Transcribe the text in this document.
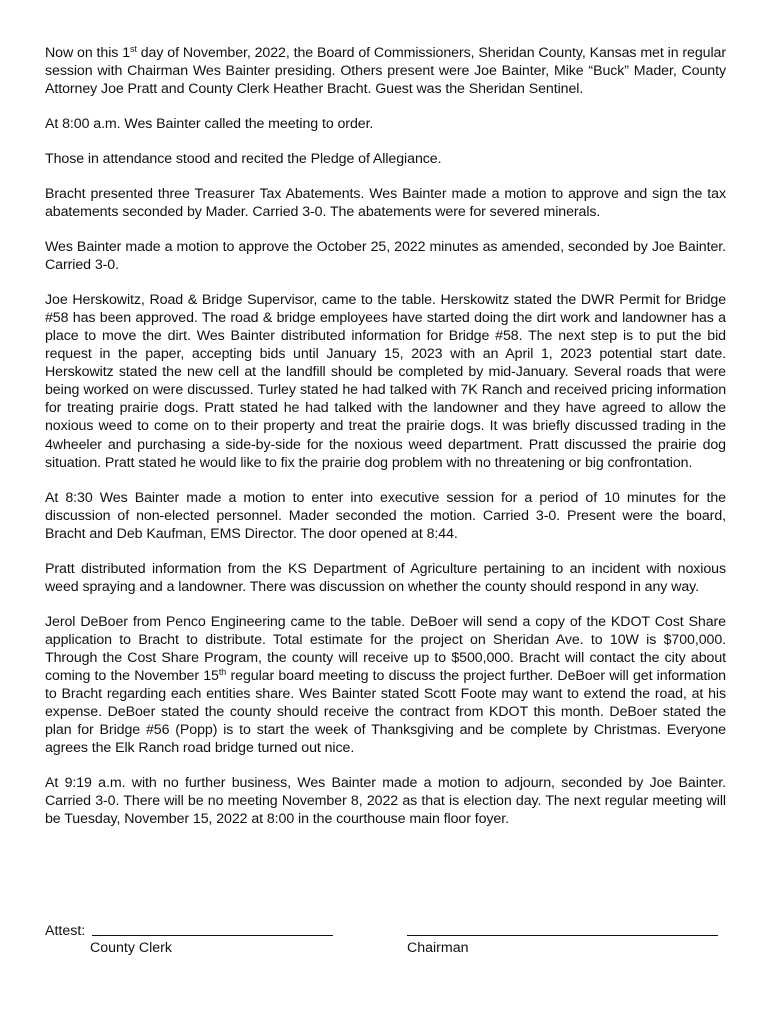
Now on this 1st day of November, 2022, the Board of Commissioners, Sheridan County, Kansas met in regular session with Chairman Wes Bainter presiding. Others present were Joe Bainter, Mike “Buck” Mader, County Attorney Joe Pratt and County Clerk Heather Bracht. Guest was the Sheridan Sentinel.

At 8:00 a.m. Wes Bainter called the meeting to order.

Those in attendance stood and recited the Pledge of Allegiance.

Bracht presented three Treasurer Tax Abatements. Wes Bainter made a motion to approve and sign the tax abatements seconded by Mader. Carried 3-0. The abatements were for severed minerals.

Wes Bainter made a motion to approve the October 25, 2022 minutes as amended, seconded by Joe Bainter. Carried 3-0.

Joe Herskowitz, Road & Bridge Supervisor, came to the table. Herskowitz stated the DWR Permit for Bridge #58 has been approved. The road & bridge employees have started doing the dirt work and landowner has a place to move the dirt. Wes Bainter distributed information for Bridge #58. The next step is to put the bid request in the paper, accepting bids until January 15, 2023 with an April 1, 2023 potential start date. Herskowitz stated the new cell at the landfill should be completed by mid-January. Several roads that were being worked on were discussed. Turley stated he had talked with 7K Ranch and received pricing information for treating prairie dogs. Pratt stated he had talked with the landowner and they have agreed to allow the noxious weed to come on to their property and treat the prairie dogs. It was briefly discussed trading in the 4wheeler and purchasing a side-by-side for the noxious weed department. Pratt discussed the prairie dog situation. Pratt stated he would like to fix the prairie dog problem with no threatening or big confrontation.

At 8:30 Wes Bainter made a motion to enter into executive session for a period of 10 minutes for the discussion of non-elected personnel. Mader seconded the motion. Carried 3-0. Present were the board, Bracht and Deb Kaufman, EMS Director. The door opened at 8:44.

Pratt distributed information from the KS Department of Agriculture pertaining to an incident with noxious weed spraying and a landowner. There was discussion on whether the county should respond in any way.

Jerol DeBoer from Penco Engineering came to the table. DeBoer will send a copy of the KDOT Cost Share application to Bracht to distribute. Total estimate for the project on Sheridan Ave. to 10W is $700,000. Through the Cost Share Program, the county will receive up to $500,000. Bracht will contact the city about coming to the November 15th regular board meeting to discuss the project further. DeBoer will get information to Bracht regarding each entities share. Wes Bainter stated Scott Foote may want to extend the road, at his expense. DeBoer stated the county should receive the contract from KDOT this month. DeBoer stated the plan for Bridge #56 (Popp) is to start the week of Thanksgiving and be complete by Christmas. Everyone agrees the Elk Ranch road bridge turned out nice.

At 9:19 a.m. with no further business, Wes Bainter made a motion to adjourn, seconded by Joe Bainter. Carried 3-0. There will be no meeting November 8, 2022 as that is election day. The next regular meeting will be Tuesday, November 15, 2022 at 8:00 in the courthouse main floor foyer.

Attest:
County Clerk	Chairman
